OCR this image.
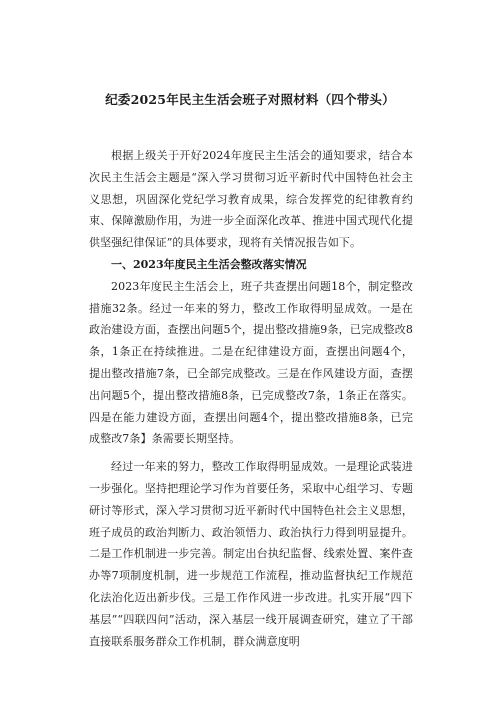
纪委2025年民主生活会班子对照材料（四个带头）

根据上级关于开好2024年度民主生活会的通知要求，结合本次民主生活会主题是“深入学习贯彻习近平新时代中国特色社会主义思想，巩固深化党纪学习教育成果，综合发挥党的纪律教育约束、保障激励作用，为进一步全面深化改革、推进中国式现代化提供坚强纪律保证”的具体要求，现将有关情况报告如下。

一、2023年度民主生活会整改落实情况

2023年度民主生活会上，班子共查摆出问题18个，制定整改措施32条。经过一年来的努力，整改工作取得明显成效。一是在政治建设方面，查摆出问题5个，提出整改措施9条，已完成整改8条，1条正在持续推进。二是在纪律建设方面，查摆出问题4个，提出整改措施7条，已全部完成整改。三是在作风建设方面，查摆出问题5个，提出整改措施8条，已完成整改7条，1条正在落实。四是在能力建设方面，查摆出问题4个，提出整改措施8条，已完成整改7条】条需要长期坚持。

经过一年来的努力，整改工作取得明显成效。一是理论武装进一步强化。坚持把理论学习作为首要任务，采取中心组学习、专题研讨等形式，深入学习贯彻习近平新时代中国特色社会主义思想，班子成员的政治判断力、政治领悟力、政治执行力得到明显提升。二是工作机制进一步完善。制定出台执纪监督、线索处置、案件查办等7项制度机制，进一步规范工作流程，推动监督执纪工作规范化法治化迈出新步伐。三是工作作风进一步改进。扎实开展“四下基层”“四联四问”活动，深入基层一线开展调查研究，建立了干部直接联系服务群众工作机制，群众满意度明
